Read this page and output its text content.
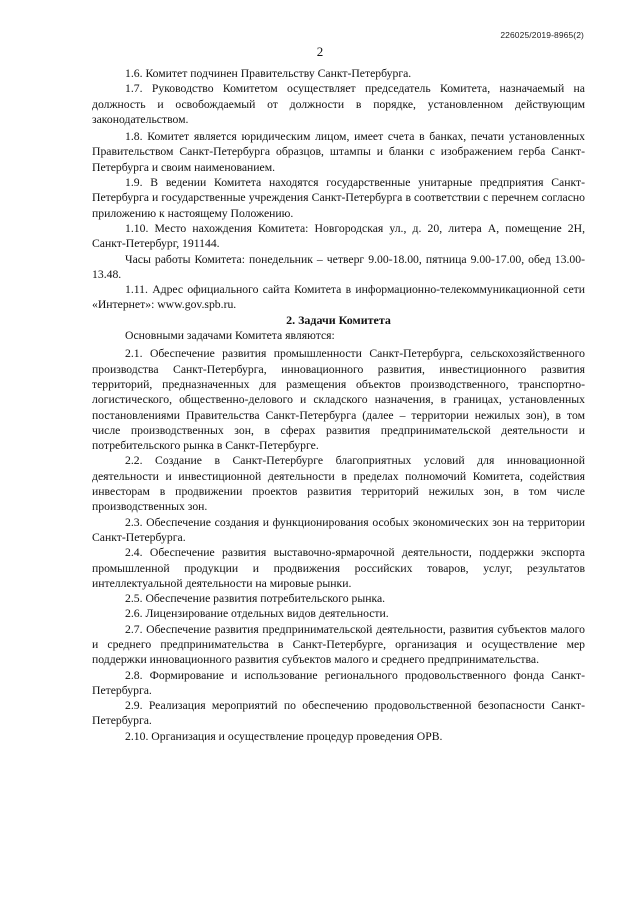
226025/2019-8965(2)
2

1.6. Комитет подчинен Правительству Санкт-Петербурга.

1.7. Руководство Комитетом осуществляет председатель Комитета, назначаемый на должность и освобождаемый от должности в порядке, установленном действующим законодательством.

1.8. Комитет является юридическим лицом, имеет счета в банках, печати установленных Правительством Санкт-Петербурга образцов, штампы и бланки с изображением герба Санкт-Петербурга и своим наименованием.

1.9. В ведении Комитета находятся государственные унитарные предприятия Санкт-Петербурга и государственные учреждения Санкт-Петербурга в соответствии с перечнем согласно приложению к настоящему Положению.

1.10. Место нахождения Комитета: Новгородская ул., д. 20, литера А, помещение 2Н, Санкт-Петербург, 191144.

Часы работы Комитета: понедельник – четверг 9.00-18.00, пятница 9.00-17.00, обед 13.00-13.48.

1.11. Адрес официального сайта Комитета в информационно-телекоммуникационной сети «Интернет»: www.gov.spb.ru.

2. Задачи Комитета

Основными задачами Комитета являются:

2.1. Обеспечение развития промышленности Санкт-Петербурга, сельскохозяйственного производства Санкт-Петербурга, инновационного развития, инвестиционного развития территорий, предназначенных для размещения объектов производственного, транспортно-логистического, общественно-делового и складского назначения, в границах, установленных постановлениями Правительства Санкт-Петербурга (далее – территории нежилых зон), в том числе производственных зон, в сферах развития предпринимательской деятельности и потребительского рынка в Санкт-Петербурге.

2.2. Создание в Санкт-Петербурге благоприятных условий для инновационной деятельности и инвестиционной деятельности в пределах полномочий Комитета, содействия инвесторам в продвижении проектов развития территорий нежилых зон, в том числе производственных зон.

2.3. Обеспечение создания и функционирования особых экономических зон на территории Санкт-Петербурга.

2.4. Обеспечение развития выставочно-ярмарочной деятельности, поддержки экспорта промышленной продукции и продвижения российских товаров, услуг, результатов интеллектуальной деятельности на мировые рынки.

2.5. Обеспечение развития потребительского рынка.

2.6. Лицензирование отдельных видов деятельности.

2.7. Обеспечение развития предпринимательской деятельности, развития субъектов малого и среднего предпринимательства в Санкт-Петербурге, организация и осуществление мер поддержки инновационного развития субъектов малого и среднего предпринимательства.

2.8. Формирование и использование регионального продовольственного фонда Санкт-Петербурга.

2.9. Реализация мероприятий по обеспечению продовольственной безопасности Санкт-Петербурга.

2.10. Организация и осуществление процедур проведения ОРВ.
